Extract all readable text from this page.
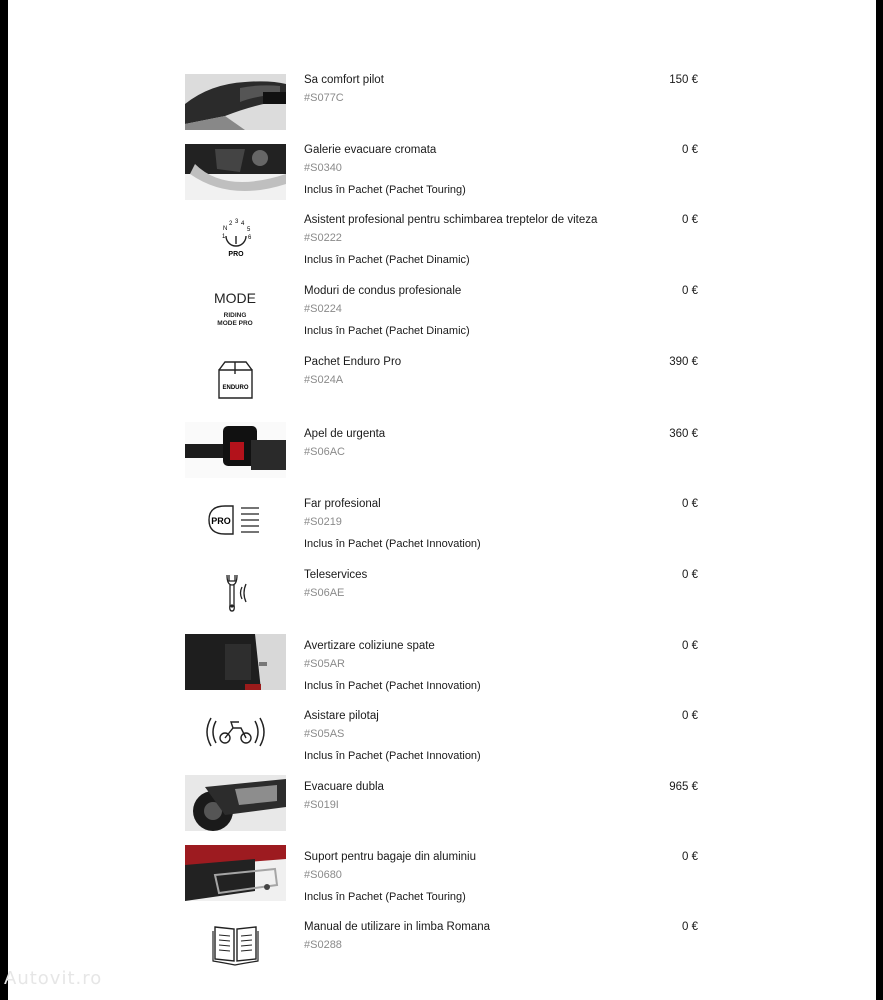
Sa comfort pilot
#S077C
150 €
Galerie evacuare cromata
#S0340
Inclus în Pachet (Pachet Touring)
0 €
N
1
2 3 4
5
6
PRO
Asistent profesional pentru schimbarea treptelor de viteza
#S0222
Inclus în Pachet (Pachet Dinamic)
0 €
MODE
RIDING
MODE PRO
Moduri de condus profesionale
#S0224
Inclus în Pachet (Pachet Dinamic)
0 €
ENDURO
Pachet Enduro Pro
#S024A
390 €
Apel de urgenta
#S06AC
360 €
PRO
Far profesional
#S0219
Inclus în Pachet (Pachet Innovation)
0 €
Teleservices
#S06AE
0 €
Avertizare coliziune spate
#S05AR
Inclus în Pachet (Pachet Innovation)
0 €
Asistare pilotaj
#S05AS
Inclus în Pachet (Pachet Innovation)
0 €
Evacuare dubla
#S019I
965 €
Suport pentru bagaje din aluminiu
#S0680
Inclus în Pachet (Pachet Touring)
0 €
Manual de utilizare in limba Romana
#S0288
0 €
Autovit.ro
